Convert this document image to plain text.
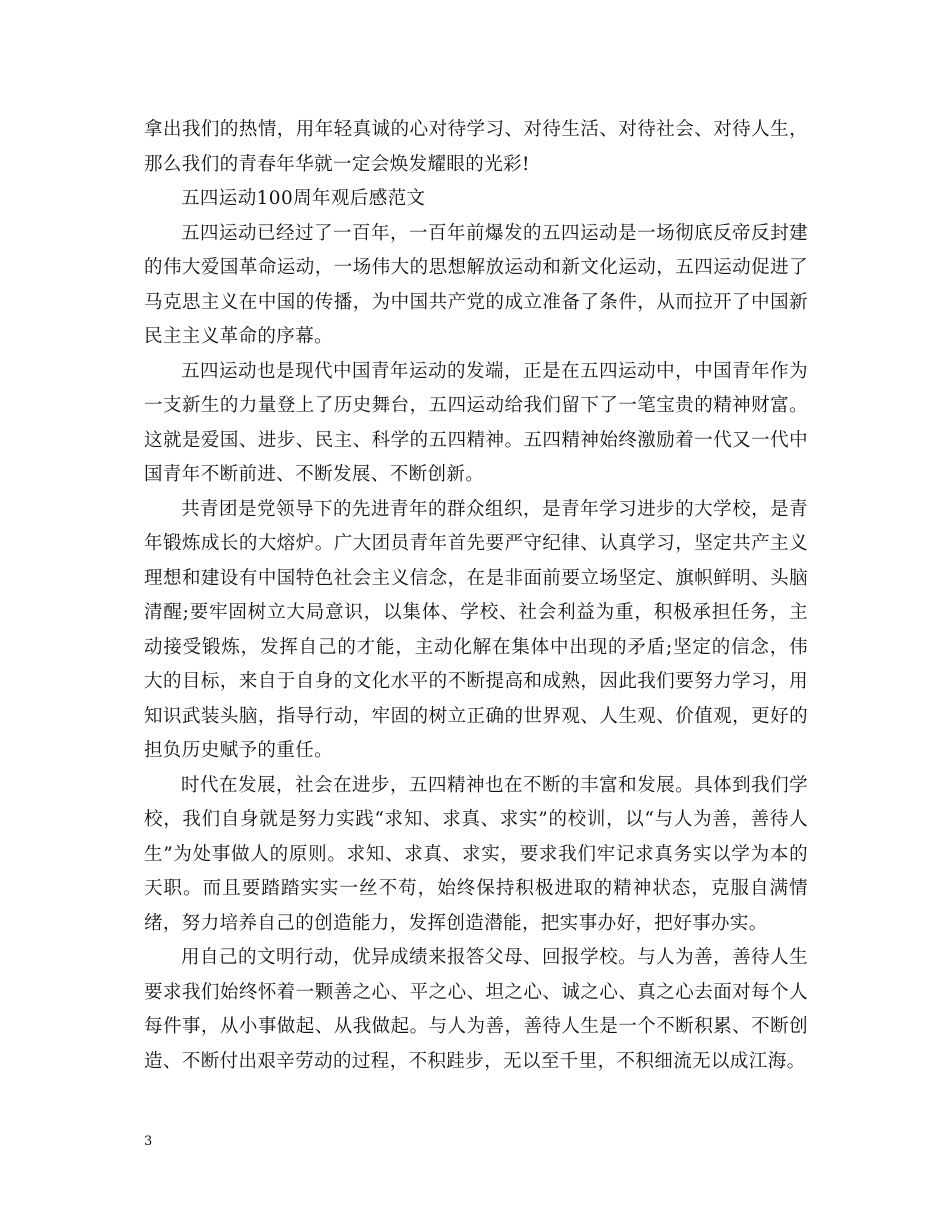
拿出我们的热情，用年轻真诚的心对待学习、对待生活、对待社会、对待人生，那么我们的青春年华就一定会焕发耀眼的光彩!

五四运动100周年观后感范文

五四运动已经过了一百年，一百年前爆发的五四运动是一场彻底反帝反封建的伟大爱国革命运动，一场伟大的思想解放运动和新文化运动，五四运动促进了马克思主义在中国的传播，为中国共产党的成立准备了条件，从而拉开了中国新民主主义革命的序幕。

五四运动也是现代中国青年运动的发端，正是在五四运动中，中国青年作为一支新生的力量登上了历史舞台，五四运动给我们留下了一笔宝贵的精神财富。这就是爱国、进步、民主、科学的五四精神。五四精神始终激励着一代又一代中国青年不断前进、不断发展、不断创新。

共青团是党领导下的先进青年的群众组织，是青年学习进步的大学校，是青年锻炼成长的大熔炉。广大团员青年首先要严守纪律、认真学习，坚定共产主义理想和建设有中国特色社会主义信念，在是非面前要立场坚定、旗帜鲜明、头脑清醒;要牢固树立大局意识，以集体、学校、社会利益为重，积极承担任务，主动接受锻炼，发挥自己的才能，主动化解在集体中出现的矛盾;坚定的信念，伟大的目标，来自于自身的文化水平的不断提高和成熟，因此我们要努力学习，用知识武装头脑，指导行动，牢固的树立正确的世界观、人生观、价值观，更好的担负历史赋予的重任。

时代在发展，社会在进步，五四精神也在不断的丰富和发展。具体到我们学校，我们自身就是努力实践“求知、求真、求实”的校训，以“与人为善，善待人生”为处事做人的原则。求知、求真、求实，要求我们牢记求真务实以学为本的天职。而且要踏踏实实一丝不苟，始终保持积极进取的精神状态，克服自满情绪，努力培养自己的创造能力，发挥创造潜能，把实事办好，把好事办实。

用自己的文明行动，优异成绩来报答父母、回报学校。与人为善，善待人生要求我们始终怀着一颗善之心、平之心、坦之心、诚之心、真之心去面对每个人每件事，从小事做起、从我做起。与人为善，善待人生是一个不断积累、不断创造、不断付出艰辛劳动的过程，不积跬步，无以至千里，不积细流无以成江海。

3
